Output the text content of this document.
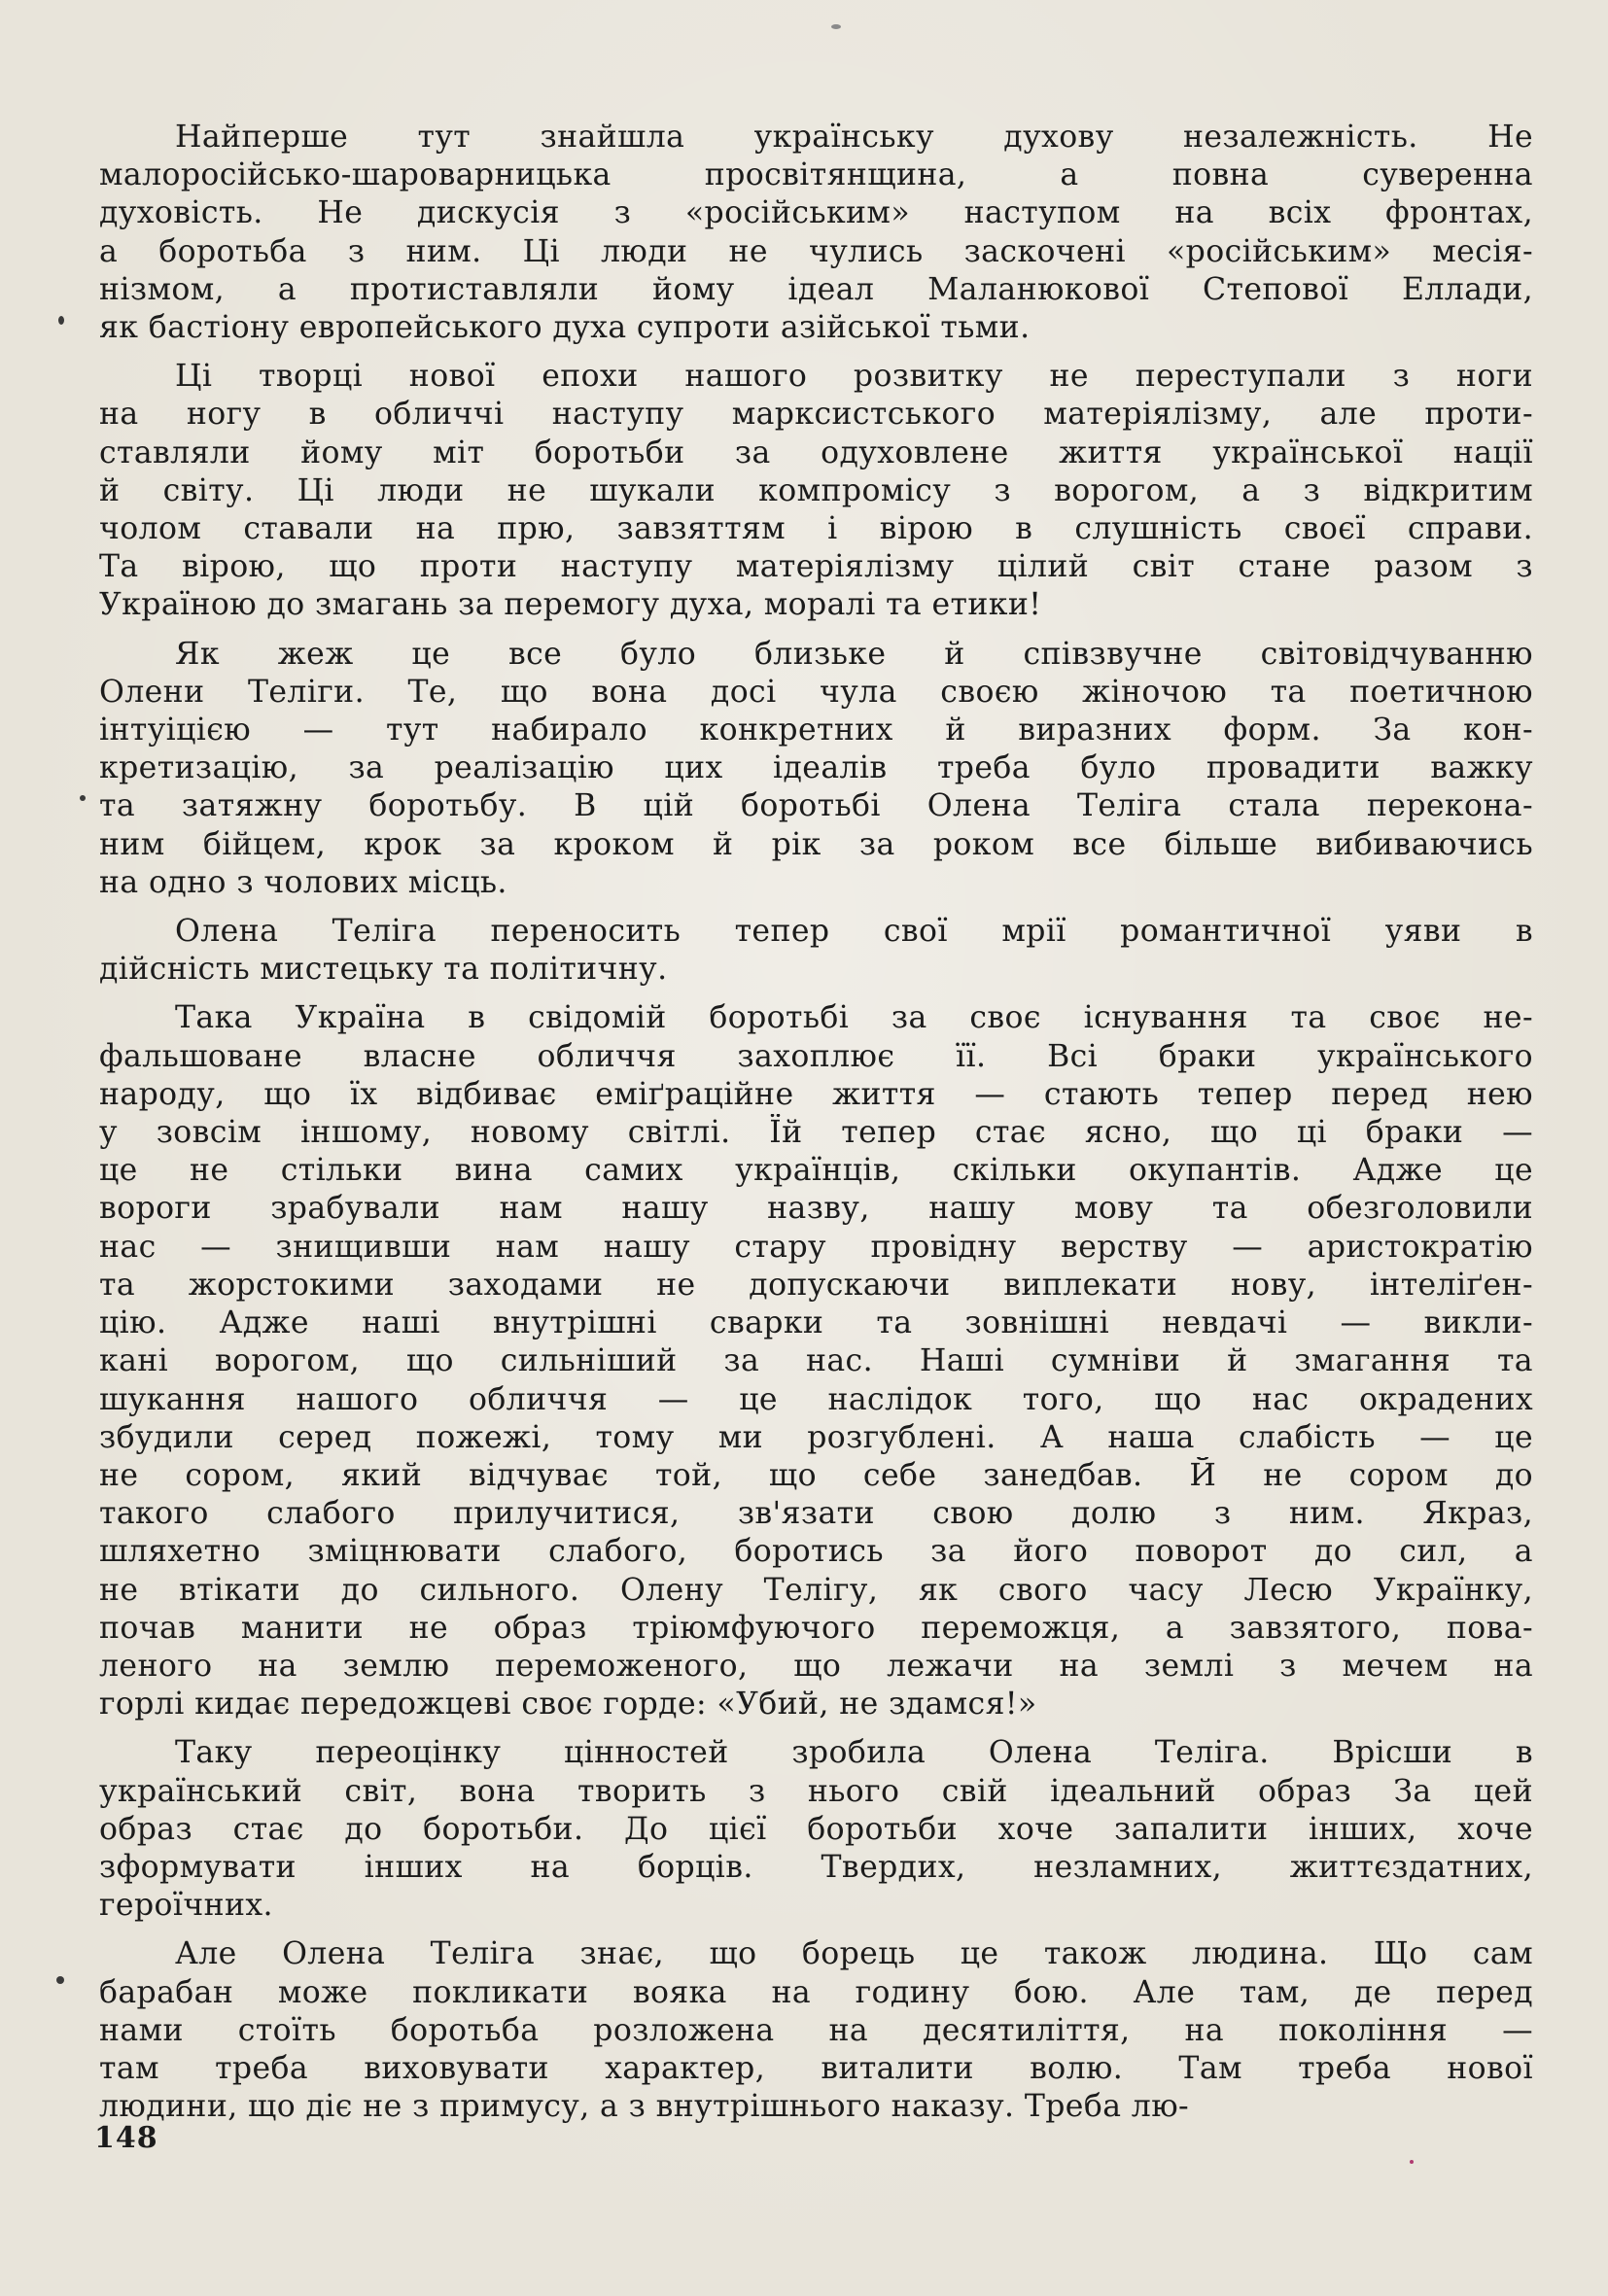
Найперше тут знайшла українську духову незалежність. Не
малоросійсько-шароварницька просвітянщина, а повна суверенна
духовість. Не дискусія з «російським» наступом на всіх фронтах,
а боротьба з ним. Ці люди не чулись заскочені «російським» месія-
нізмом, а протиставляли йому ідеал Маланюкової Степової Еллади,
як бастіону европейського духа супроти азійської тьми.
Ці творці нової епохи нашого розвитку не переступали з ноги
на ногу в обличчі наступу марксистського матеріялізму, але проти-
ставляли йому міт боротьби за одуховлене життя української нації
й світу. Ці люди не шукали компромісу з ворогом, а з відкритим
чолом ставали на прю, завзяттям і вірою в слушність своєї справи.
Та вірою, що проти наступу матеріялізму цілий світ стане разом з
Україною до змагань за перемогу духа, моралі та етики!
Як жеж це все було близьке й співзвучне світовідчуванню
Олени Теліги. Те, що вона досі чула своєю жіночою та поетичною
інтуіцією — тут набирало конкретних й виразних форм. За кон-
кретизацію, за реалізацію цих ідеалів треба було провадити важку
та затяжну боротьбу. В цій боротьбі Олена Теліга стала перекона-
ним бійцем, крок за кроком й рік за роком все більше вибиваючись
на одно з чолових місць.
Олена Теліга переносить тепер свої мрії романтичної уяви в
дійсність мистецьку та політичну.
Така Україна в свідомій боротьбі за своє існування та своє не-
фальшоване власне обличчя захоплює її. Всі браки українського
народу, що їх відбиває еміґраційне життя — стають тепер перед нею
у зовсім іншому, новому світлі. Їй тепер стає ясно, що ці браки —
це не стільки вина самих українців, скільки окупантів. Адже це
вороги зрабували нам нашу назву, нашу мову та обезголовили
нас — знищивши нам нашу стару провідну верству — аристократію
та жорстокими заходами не допускаючи виплекати нову, інтеліґен-
цію. Адже наші внутрішні сварки та зовнішні невдачі — викли-
кані ворогом, що сильніший за нас. Наші сумніви й змагання та
шукання нашого обличчя — це наслідок того, що нас окрадених
збудили серед пожежі, тому ми розгублені. А наша слабість — це
не сором, який відчуває той, що себе занедбав. Й не сором до
такого слабого прилучитися, зв'язати свою долю з ним. Якраз,
шляхетно зміцнювати слабого, боротись за його поворот до сил, а
не втікати до сильного. Олену Телігу, як свого часу Лесю Українку,
почав манити не образ тріюмфуючого переможця, а завзятого, пова-
леного на землю переможеного, що лежачи на землі з мечем на
горлі кидає передожцеві своє горде: «Убий, не здамся!»
Таку переоцінку цінностей зробила Олена Теліга. Врісши в
український світ, вона творить з нього свій ідеальний образ За цей
образ стає до боротьби. До цієї боротьби хоче запалити інших, хоче
зформувати інших на борців. Твердих, незламних, життєздатних,
героїчних.
Але Олена Теліга знає, що борець це також людина. Що сам
барабан може покликати вояка на годину бою. Але там, де перед
нами стоїть боротьба розложена на десятиліття, на покоління —
там треба виховувати характер, виталити волю. Там треба нової
людини, що діє не з примусу, а з внутрішнього наказу. Треба лю-
148
